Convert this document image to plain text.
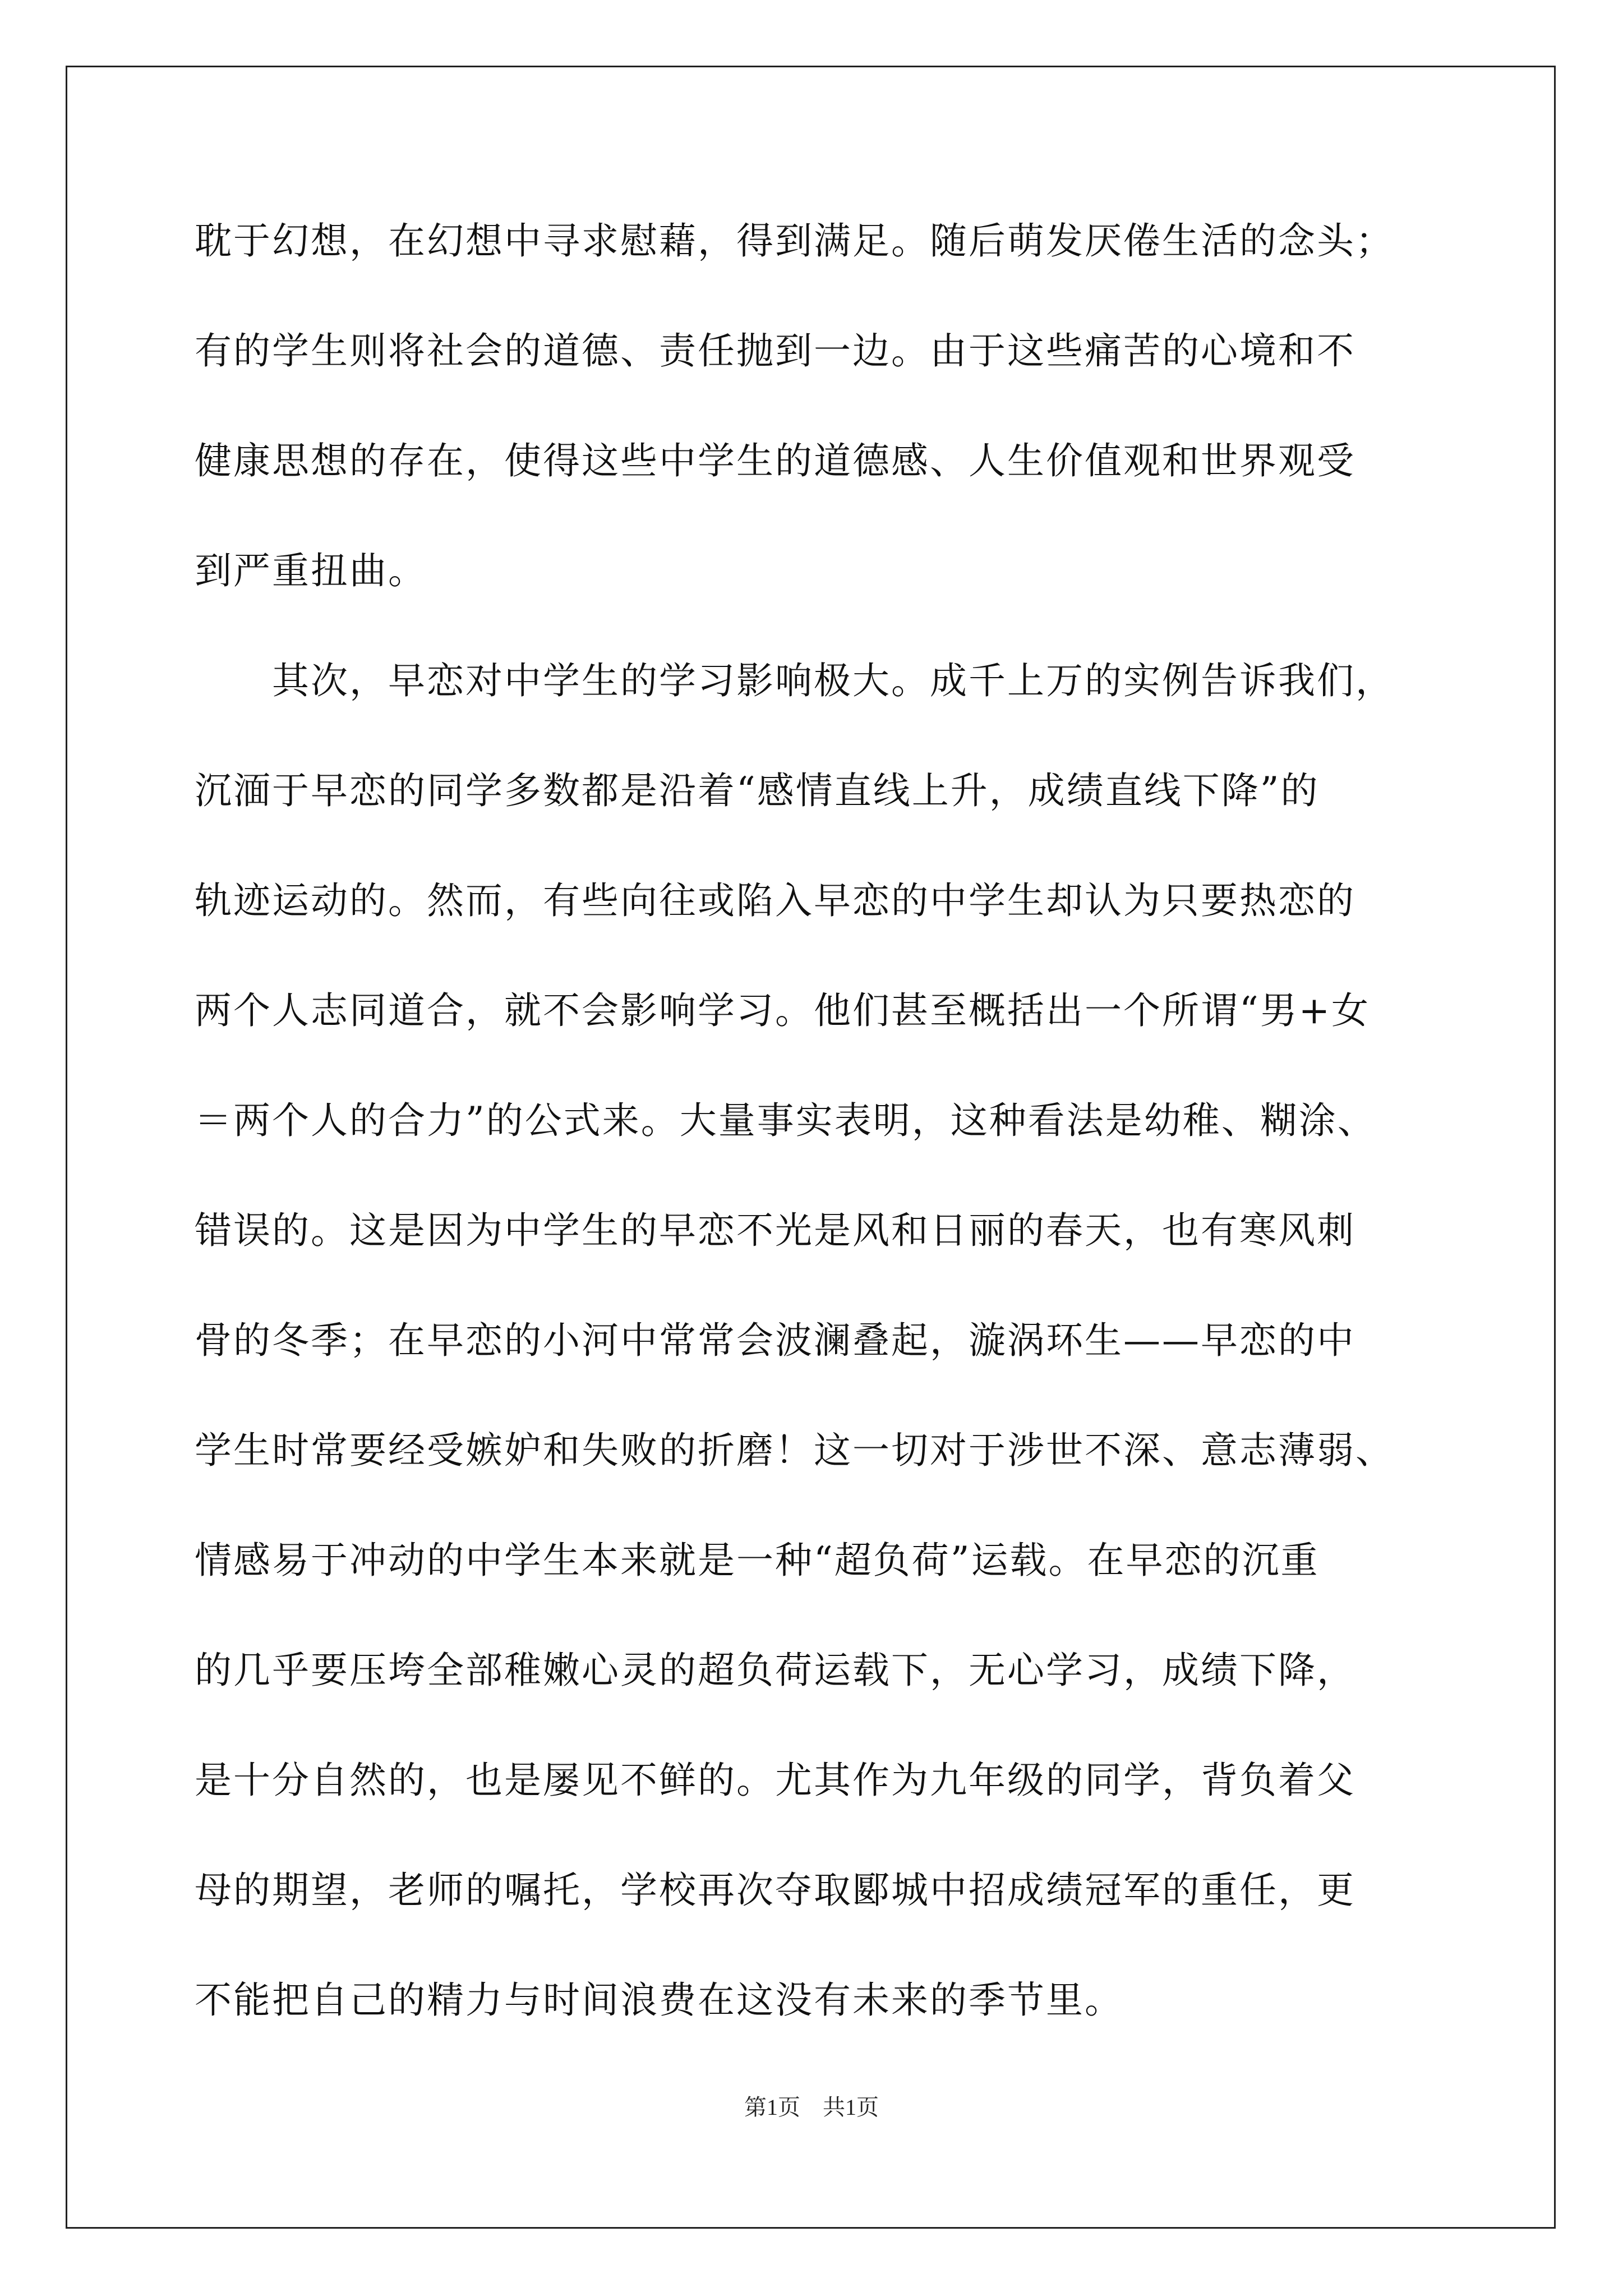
耽于幻想，在幻想中寻求慰藉，得到满足。随后萌发厌倦生活的念头；
有的学生则将社会的道德、责任抛到一边。由于这些痛苦的心境和不
健康思想的存在，使得这些中学生的道德感、人生价值观和世界观受
到严重扭曲。
　　其次，早恋对中学生的学习影响极大。成千上万的实例告诉我们，
沉湎于早恋的同学多数都是沿着“感情直线上升，成绩直线下降”的
轨迹运动的。然而，有些向往或陷入早恋的中学生却认为只要热恋的
两个人志同道合，就不会影响学习。他们甚至概括出一个所谓“男+女
＝两个人的合力”的公式来。大量事实表明，这种看法是幼稚、糊涂、
错误的。这是因为中学生的早恋不光是风和日丽的春天，也有寒风刺
骨的冬季；在早恋的小河中常常会波澜叠起，漩涡环生——早恋的中
学生时常要经受嫉妒和失败的折磨！这一切对于涉世不深、意志薄弱、
情感易于冲动的中学生本来就是一种“超负荷”运载。在早恋的沉重
的几乎要压垮全部稚嫩心灵的超负荷运载下，无心学习，成绩下降，
是十分自然的，也是屡见不鲜的。尤其作为九年级的同学，背负着父
母的期望，老师的嘱托，学校再次夺取郾城中招成绩冠军的重任，更
不能把自己的精力与时间浪费在这没有未来的季节里。
第1页　共1页
